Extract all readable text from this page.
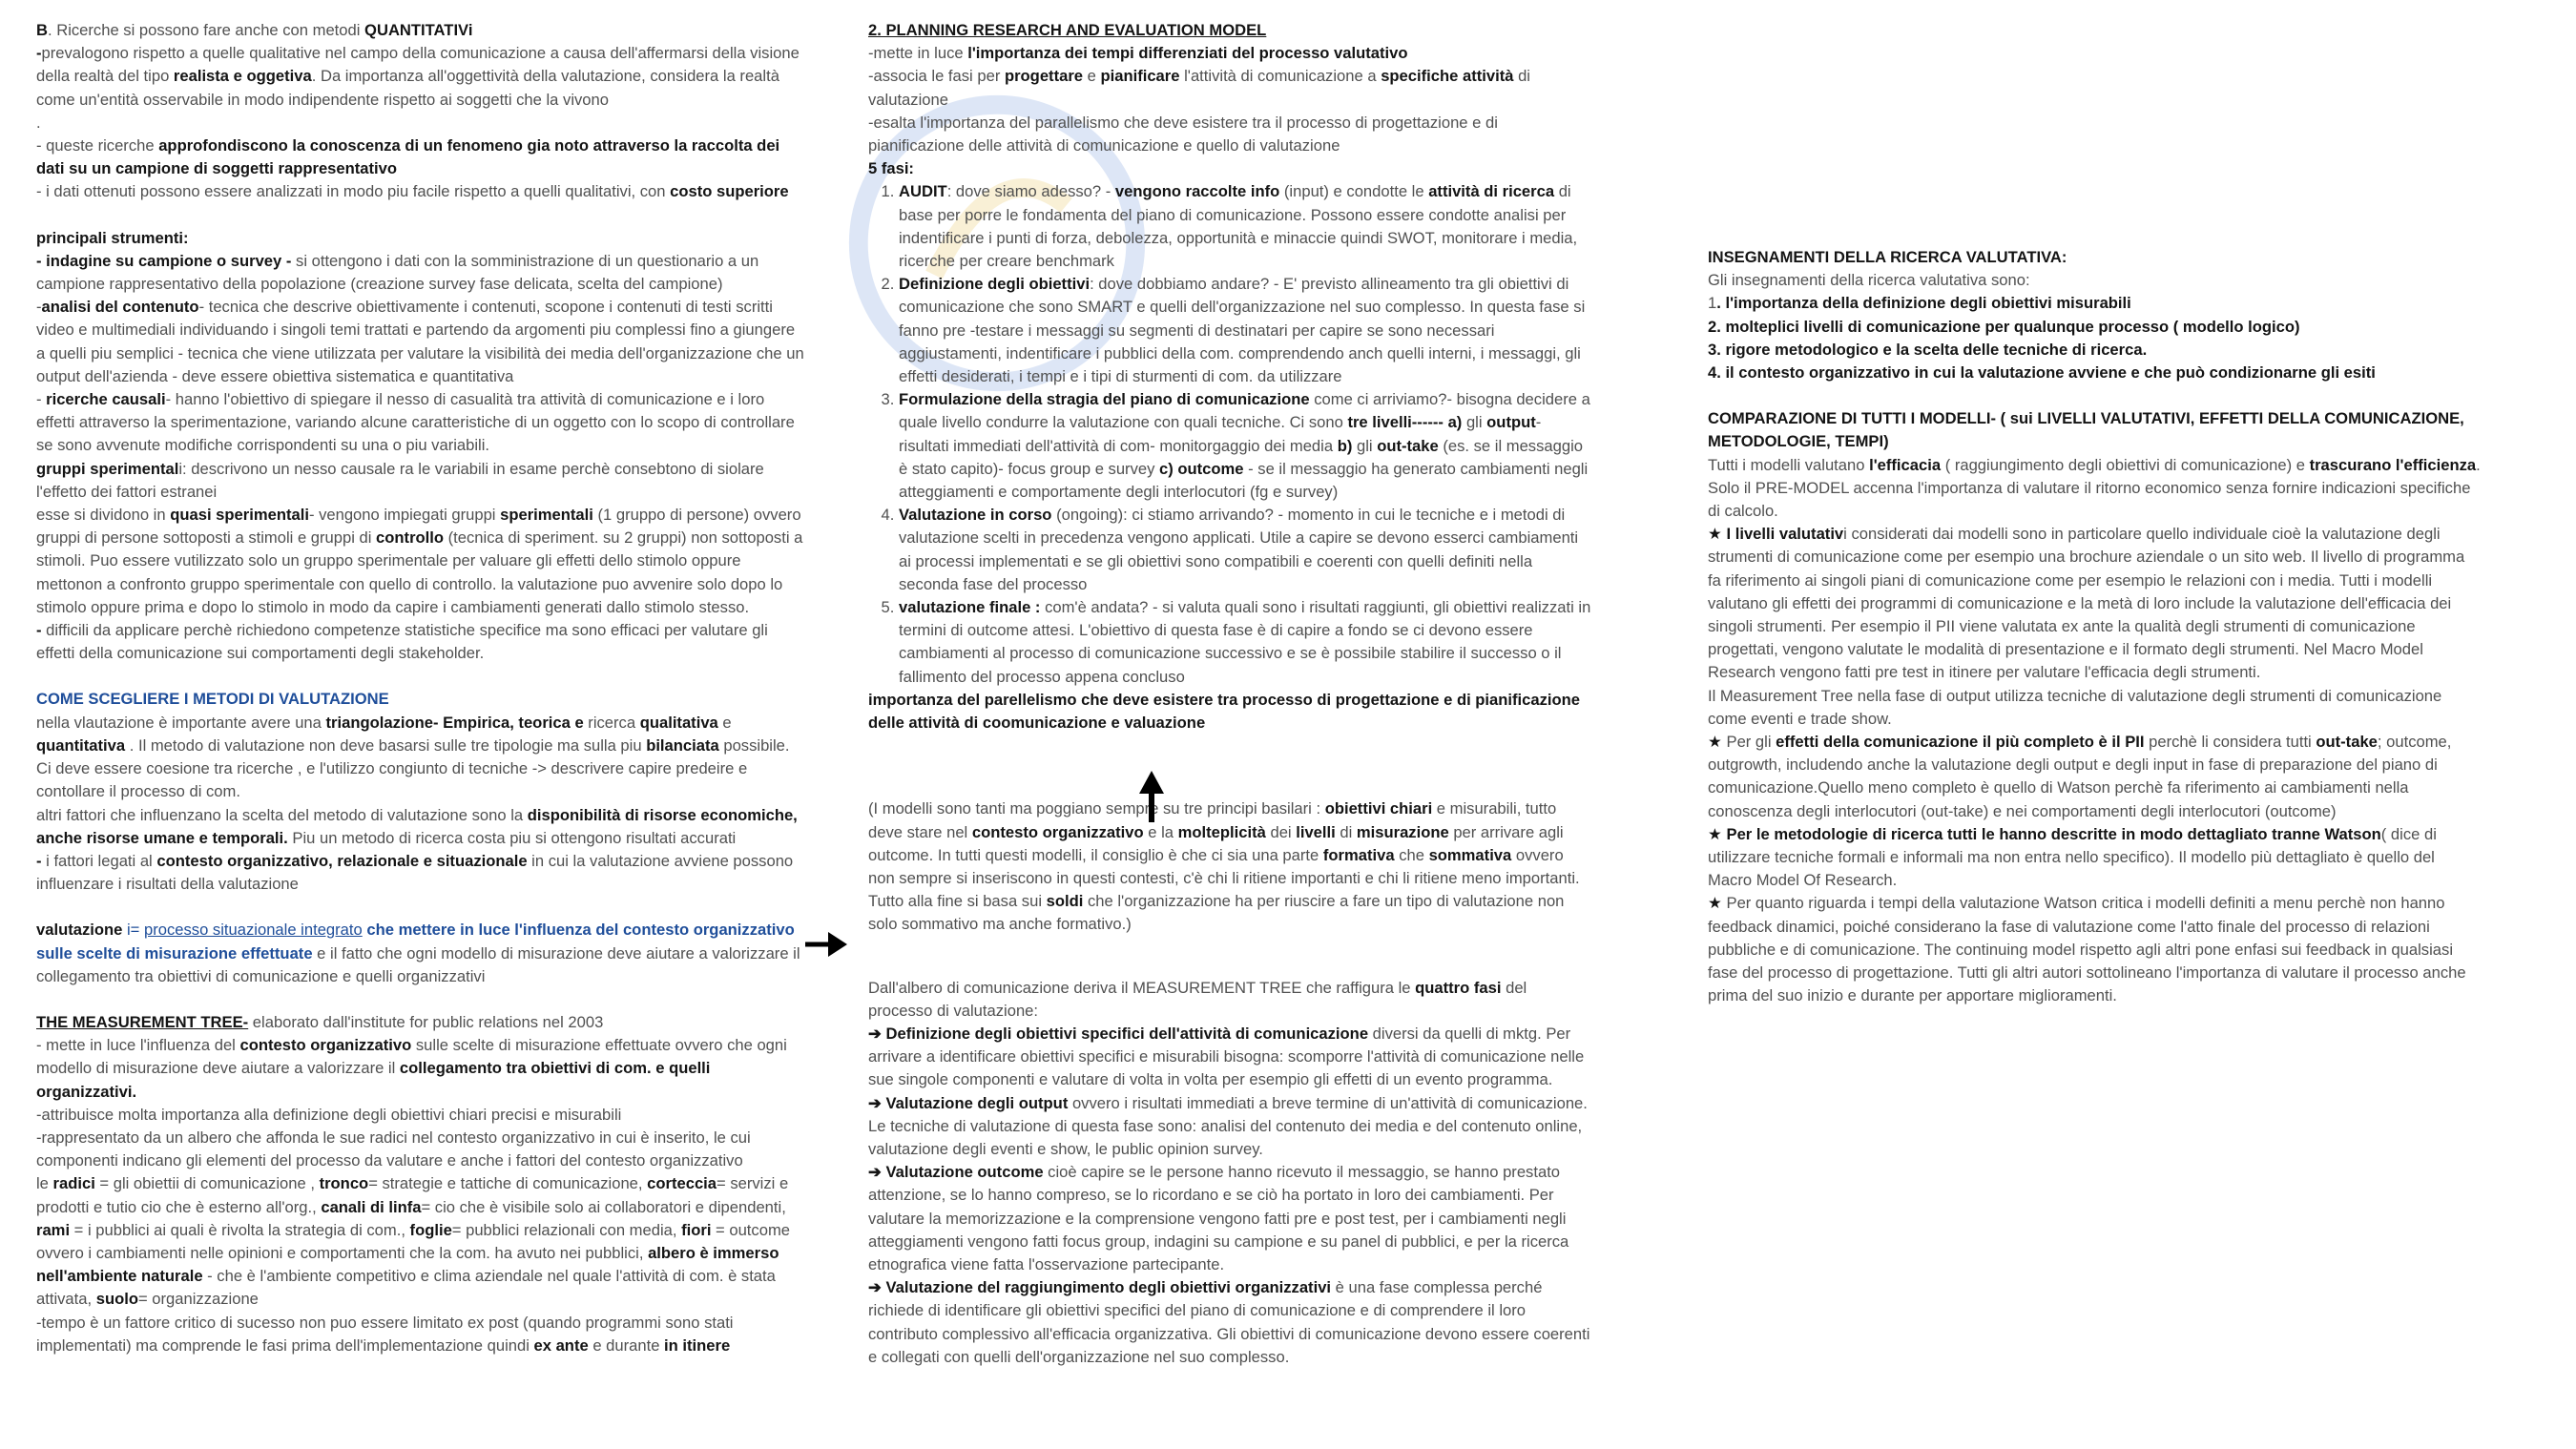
B. Ricerche si possono fare anche con metodi QUANTITATIVi

-prevalogono rispetto a quelle qualitative nel campo della comunicazione a causa dell'affermarsi della visione della realtà del tipo realista e oggetiva. Da importanza all'oggettività della valutazione, considera la realtà come un'entità osservabile in modo indipendente rispetto ai soggetti che la vivono

.

- queste ricerche approfondiscono la conoscenza di un fenomeno gia noto attraverso la raccolta dei dati su un campione di soggetti rappresentativo

- i dati ottenuti possono essere analizzati in modo piu facile rispetto a quelli qualitativi, con costo superiore

principali strumenti:

- indagine su campione o survey - si ottengono i dati con la somministrazione di un questionario a un campione rappresentativo della popolazione (creazione survey fase delicata, scelta del campione)

-analisi del contenuto- tecnica che descrive obiettivamente i contenuti, scopone i contenuti di testi scritti video e multimediali individuando i singoli temi trattati e partendo da argomenti piu complessi fino a giungere a quelli piu semplici - tecnica che viene utilizzata per valutare la visibilità dei media dell'organizzazione che un output dell'azienda - deve essere obiettiva sistematica e quantitativa

- ricerche causali- hanno l'obiettivo di spiegare il nesso di casualità tra attività di comunicazione e i loro effetti attraverso la sperimentazione, variando alcune caratteristiche di un oggetto con lo scopo di controllare se sono avvenute modifiche corrispondenti su una o piu variabili.

gruppi sperimentali: descrivono un nesso causale ra le variabili in esame perchè consebtono di siolare l'effetto dei fattori estranei

esse si dividono in quasi sperimentali- vengono impiegati gruppi sperimentali (1 gruppo di persone) ovvero gruppi di persone sottoposti a stimoli e gruppi di controllo (tecnica di speriment. su 2 gruppi) non sottoposti a stimoli. Puo essere vutilizzato solo un gruppo sperimentale per valuare gli effetti dello stimolo oppure mettonon a confronto gruppo sperimentale con quello di controllo. la valutazione puo avvenire solo dopo lo stimolo oppure prima e dopo lo stimolo in modo da capire i cambiamenti generati dallo stimolo stesso.

- difficili da applicare perchè richiedono competenze statistiche specifice ma sono efficaci per valutare gli effetti della comunicazione sui comportamenti degli stakeholder.

COME SCEGLIERE I METODI DI VALUTAZIONE

nella vlautazione è importante avere una triangolazione- Empirica, teorica e ricerca qualitativa e quantitativa . Il metodo di valutazione non deve basarsi sulle tre tipologie ma sulla piu bilanciata possibile. Ci deve essere coesione tra ricerche , e l'utilizzo congiunto di tecniche -> descrivere capire predeire e contollare il processo di com.

altri fattori che influenzano la scelta del metodo di valutazione sono la disponibilità di risorse economiche, anche risorse umane e temporali. Piu un metodo di ricerca costa piu si ottengono risultati accurati

- i fattori legati al contesto organizzativo, relazionale e situazionale in cui la valutazione avviene possono influenzare i risultati della valutazione

valutazione i= processo situazionale integrato che mettere in luce l'influenza del contesto organizzativo sulle scelte di misurazione effettuate e il fatto che ogni modello di misurazione deve aiutare a valorizzare il collegamento tra obiettivi di comunicazione e quelli organizzativi

THE MEASUREMENT TREE- elaborato dall'institute for public relations nel 2003

- mette in luce l'influenza del contesto organizzativo sulle scelte di misurazione effettuate ovvero che ogni modello di misurazione deve aiutare a valorizzare il collegamento tra obiettivi di com. e quelli organizzativi.

-attribuisce molta importanza alla definizione degli obiettivi chiari precisi e misurabili

-rappresentato da un albero che affonda le sue radici nel contesto organizzativo in cui è inserito, le cui componenti indicano gli elementi del processo da valutare e anche i fattori del contesto organizzativo

le radici = gli obiettii di comunicazione , tronco= strategie e tattiche di comunicazione, corteccia= servizi e prodotti e tutio cio che è esterno all'org., canali di linfa= cio che è visibile solo ai collaboratori e dipendenti, rami = i pubblici ai quali è rivolta la strategia di com., foglie= pubblici relazionali con media, fiori = outcome ovvero i cambiamenti nelle opinioni e comportamenti che la com. ha avuto nei pubblici, albero è immerso nell'ambiente naturale - che è l'ambiente competitivo e clima aziendale nel quale l'attività di com. è stata attivata, suolo= organizzazione

-tempo è un fattore critico di sucesso non puo essere limitato ex post (quando programmi sono stati implementati) ma comprende le fasi prima dell'implementazione quindi ex ante e durante in itinere

2. PLANNING RESEARCH AND EVALUATION MODEL

-mette in luce l'importanza dei tempi differenziati del processo valutativo

-associa le fasi per progettare e pianificare l'attività di comunicazione a specifiche attività di valutazione

-esalta l'importanza del parallelismo che deve esistere tra il processo di progettazione e di pianificazione delle attività di comunicazione e quello di valutazione

5 fasi:

1. AUDIT: dove siamo adesso? - vengono raccolte info (input) e condotte le attività di ricerca di base per porre le fondamenta del piano di comunicazione. Possono essere condotte analisi per indentificare i punti di forza, debolezza, opportunità e minaccie quindi SWOT, monitorare i media, ricerche per creare benchmark
2. Definizione degli obiettivi: dove dobbiamo andare? - E' previsto allineamento tra gli obiettivi di comunicazione che sono SMART e quelli dell'organizzazione nel suo complesso. In questa fase si fanno pre -testare i messaggi su segmenti di destinatari per capire se sono necessari aggiustamenti, indentificare i pubblici della com. comprendendo anch quelli interni, i messaggi, gli effetti desiderati, i tempi e i tipi di sturmenti di com. da utilizzare
3. Formulazione della stragia del piano di comunicazione come ci arriviamo?- bisogna decidere a quale livello condurre la valutazione con quali tecniche. Ci sono tre livelli------ a) gli output- risultati immediati dell'attività di com- monitorgaggio dei media b) gli out-take (es. se il messaggio è stato capito)- focus group e survey c) outcome - se il messaggio ha generato cambiamenti negli atteggiamenti e comportamente degli interlocutori (fg e survey)
4. Valutazione in corso (ongoing): ci stiamo arrivando? - momento in cui le tecniche e i metodi di valutazione scelti in precedenza vengono applicati. Utile a capire se devono esserci cambiamenti ai processi implementati e se gli obiettivi sono compatibili e coerenti con quelli definiti nella seconda fase del processo
5. valutazione finale : com'è andata? - si valuta quali sono i risultati raggiunti, gli obiettivi realizzati in termini di outcome attesi. L'obiettivo di questa fase è di capire a fondo se ci devono essere cambiamenti al processo di comunicazione successivo e se è possibile stabilire il successo o il fallimento del processo appena concluso

importanza del parellelismo che deve esistere tra processo di progettazione e di pianificazione delle attività di coomunicazione e valuazione

(I modelli sono tanti ma poggiano sempre su tre principi basilari : obiettivi chiari e misurabili, tutto deve stare nel contesto organizzativo e la molteplicità dei livelli di misurazione per arrivare agli outcome. In tutti questi modelli, il consiglio è che ci sia una parte formativa che sommativa ovvero non sempre si inseriscono in questi contesti, c'è chi li ritiene importanti e chi li ritiene meno importanti. Tutto alla fine si basa sui soldi che l'organizzazione ha per riuscire a fare un tipo di valutazione non solo sommativo ma anche formativo.)

Dall'albero di comunicazione deriva il MEASUREMENT TREE che raffigura le quattro fasi del processo di valutazione:

➔ Definizione degli obiettivi specifici dell'attività di comunicazione diversi da quelli di mktg. Per arrivare a identificare obiettivi specifici e misurabili bisogna: scomporre l'attività di comunicazione nelle sue singole componenti e valutare di volta in volta per esempio gli effetti di un evento programma.

➔ Valutazione degli output ovvero i risultati immediati a breve termine di un'attività di comunicazione. Le tecniche di valutazione di questa fase sono: analisi del contenuto dei media e del contenuto online, valutazione degli eventi e show, le public opinion survey.

➔ Valutazione outcome cioè capire se le persone hanno ricevuto il messaggio, se hanno prestato attenzione, se lo hanno compreso, se lo ricordano e se ciò ha portato in loro dei cambiamenti. Per valutare la memorizzazione e la comprensione vengono fatti pre e post test, per i cambiamenti negli atteggiamenti vengono fatti focus group, indagini su campione e su panel di pubblici, e per la ricerca etnografica viene fatta l'osservazione partecipante.

➔ Valutazione del raggiungimento degli obiettivi organizzativi è una fase complessa perché richiede di identificare gli obiettivi specifici del piano di comunicazione e di comprendere il loro contributo complessivo all'efficacia organizzativa. Gli obiettivi di comunicazione devono essere coerenti e collegati con quelli dell'organizzazione nel suo complesso.

INSEGNAMENTI DELLA RICERCA VALUTATIVA:

Gli insegnamenti della ricerca valutativa sono:

1. l'importanza della definizione degli obiettivi misurabili

2. molteplici livelli di comunicazione per qualunque processo ( modello logico)

3. rigore metodologico e la scelta delle tecniche di ricerca.

4. il contesto organizzativo in cui la valutazione avviene e che può condizionarne gli esiti

COMPARAZIONE DI TUTTI I MODELLI- ( sui LIVELLI VALUTATIVI, EFFETTI DELLA COMUNICAZIONE, METODOLOGIE, TEMPI)

Tutti i modelli valutano l'efficacia ( raggiungimento degli obiettivi di comunicazione) e trascurano l'efficienza. Solo il PRE-MODEL accenna l'importanza di valutare il ritorno economico senza fornire indicazioni specifiche di calcolo.

★ I livelli valutativi considerati dai modelli sono in particolare quello individuale cioè la valutazione degli strumenti di comunicazione come per esempio una brochure aziendale o un sito web. Il livello di programma fa riferimento ai singoli piani di comunicazione come per esempio le relazioni con i media. Tutti i modelli valutano gli effetti dei programmi di comunicazione e la metà di loro include la valutazione dell'efficacia dei singoli strumenti. Per esempio il PII viene valutata ex ante la qualità degli strumenti di comunicazione progettati, vengono valutate le modalità di presentazione e il formato degli strumenti. Nel Macro Model Research vengono fatti pre test in itinere per valutare l'efficacia degli strumenti.

Il Measurement Tree nella fase di output utilizza tecniche di valutazione degli strumenti di comunicazione come eventi e trade show.

★ Per gli effetti della comunicazione il più completo è il PII perchè li considera tutti out-take; outcome, outgrowth, includendo anche la valutazione degli output e degli input in fase di preparazione del piano di comunicazione.Quello meno completo è quello di Watson perchè fa riferimento ai cambiamenti nella conoscenza degli interlocutori (out-take) e nei comportamenti degli interlocutori (outcome)

★ Per le metodologie di ricerca tutti le hanno descritte in modo dettagliato tranne Watson( dice di utilizzare tecniche formali e informali ma non entra nello specifico). Il modello più dettagliato è quello del Macro Model Of Research.

★ Per quanto riguarda i tempi della valutazione Watson critica i modelli definiti a menu perchè non hanno feedback dinamici, poiché considerano la fase di valutazione come l'atto finale del processo di relazioni pubbliche e di comunicazione. The continuing model rispetto agli altri pone enfasi sui feedback in qualsiasi fase del processo di progettazione. Tutti gli altri autori sottolineano l'importanza di valutare il processo anche prima del suo inizio e durante per apportare miglioramenti.
